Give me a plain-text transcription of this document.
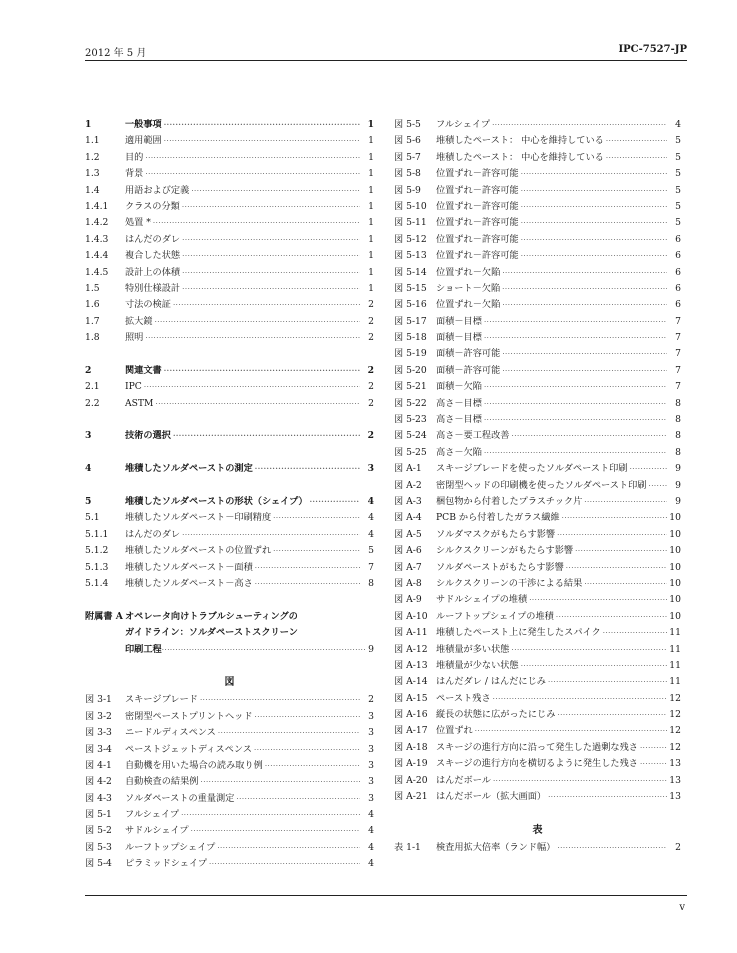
2012 年 5 月	IPC-7527-JP
1	一般事項 ·····	1
1.1	適用範囲 ·····	1
1.2	目的 ·····	1
1.3	背景 ·····	1
1.4	用語および定義 ·····	1
1.4.1	クラスの分類 ·····	1
1.4.2	処置 * ·····	1
1.4.3	はんだのダレ ·····	1
1.4.4	複合した状態 ·····	1
1.4.5	設計上の体積 ·····	1
1.5	特別仕様設計 ·····	1
1.6	寸法の検証 ·····	2
1.7	拡大鏡 ·····	2
1.8	照明 ·····	2
2	関連文書 ·····	2
2.1	IPC ·····	2
2.2	ASTM ·····	2
3	技術の選択 ·····	2
4	堆積したソルダペーストの測定 ·····	3
5	堆積したソルダペーストの形状（シェイプ） ·····	4
5.1	堆積したソルダペースト－印刷精度 ·····	4
5.1.1	はんだのダレ ·····	4
5.1.2	堆積したソルダペーストの位置ずれ ·····	5
5.1.3	堆積したソルダペースト－面積 ·····	7
5.1.4	堆積したソルダペースト－高さ ·····	8
附属書 A オペレータ向けトラブルシューティングの
ガイドライン：ソルダペーストスクリーン
印刷工程 ·····	9
図
図 3-1	スキージブレード ·····	2
図 3-2	密閉型ペーストプリントヘッド ·····	3
図 3-3	ニードルディスペンス ·····	3
図 3-4	ペーストジェットディスペンス ·····	3
図 4-1	自動機を用いた場合の読み取り例 ·····	3
図 4-2	自動検査の結果例 ·····	3
図 4-3	ソルダペーストの重量測定 ·····	3
図 5-1	フルシェイプ ·····	4
図 5-2	サドルシェイプ ·····	4
図 5-3	ルーフトップシェイプ ·····	4
図 5-4	ピラミッドシェイプ ·····	4
図 5-5	フルシェイプ ·····	4
図 5-6	堆積したペースト： 中心を維持している ·····	5
図 5-7	堆積したペースト： 中心を維持している ·····	5
図 5-8	位置ずれ－許容可能 ·····	5
図 5-9	位置ずれ－許容可能 ·····	5
図 5-10	位置ずれ－許容可能 ·····	5
図 5-11	位置ずれ－許容可能 ·····	5
図 5-12	位置ずれ－許容可能 ·····	6
図 5-13	位置ずれ－許容可能 ·····	6
図 5-14	位置ずれ－欠陥 ·····	6
図 5-15	ショート－欠陥 ·····	6
図 5-16	位置ずれ－欠陥 ·····	6
図 5-17	面積－目標 ·····	7
図 5-18	面積－目標 ·····	7
図 5-19	面積－許容可能 ·····	7
図 5-20	面積－許容可能 ·····	7
図 5-21	面積－欠陥 ·····	7
図 5-22	高さ－目標 ·····	8
図 5-23	高さ－目標 ·····	8
図 5-24	高さ－要工程改善 ·····	8
図 5-25	高さ－欠陥 ·····	8
図 A-1	スキージブレードを使ったソルダペースト印刷 ·····	9
図 A-2	密閉型ヘッドの印刷機を使ったソルダペースト印刷 ·····	9
図 A-3	梱包物から付着したプラスチック片 ·····	9
図 A-4	PCB から付着したガラス繊維 ·····	10
図 A-5	ソルダマスクがもたらす影響 ·····	10
図 A-6	シルクスクリーンがもたらす影響 ·····	10
図 A-7	ソルダペーストがもたらす影響 ·····	10
図 A-8	シルクスクリーンの干渉による結果 ·····	10
図 A-9	サドルシェイプの堆積 ·····	10
図 A-10 ルーフトップシェイプの堆積 ·····	10
図 A-11 堆積したペースト上に発生したスパイク ·····	11
図 A-12 堆積量が多い状態 ·····	11
図 A-13 堆積量が少ない状態 ·····	11
図 A-14 はんだダレ / はんだにじみ ·····	11
図 A-15 ペースト残さ ·····	12
図 A-16 縦長の状態に広がったにじみ ·····	12
図 A-17 位置ずれ ·····	12
図 A-18 スキージの進行方向に沿って発生した過剰な残さ ·····	12
図 A-19 スキージの進行方向を横切るように発生した残さ ·····	13
図 A-20 はんだボール ·····	13
図 A-21 はんだボール（拡大画面） ·····	13
表
表 1-1	検査用拡大倍率（ランド幅） ·····	2
v
